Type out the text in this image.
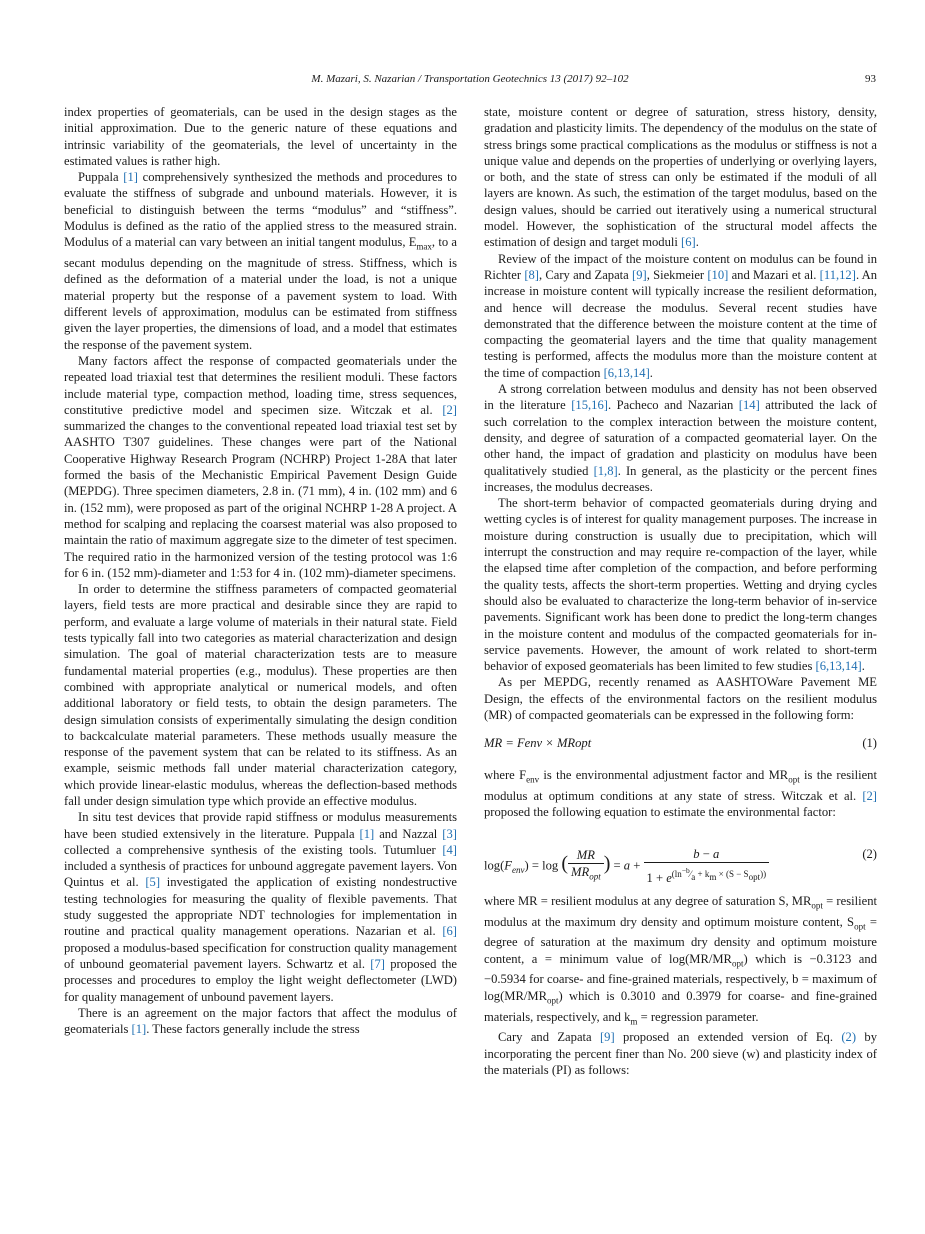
M. Mazari, S. Nazarian / Transportation Geotechnics 13 (2017) 92–102	93

index properties of geomaterials, can be used in the design stages as the initial approximation. Due to the generic nature of these equations and intrinsic variability of the geomaterials, the level of uncertainty in the estimated values is rather high.

Puppala [1] comprehensively synthesized the methods and procedures to evaluate the stiffness of subgrade and unbound materials. However, it is beneficial to distinguish between the terms “modulus” and “stiffness”. Modulus is defined as the ratio of the applied stress to the measured strain. Modulus of a material can vary between an initial tangent modulus, $E_{max}$, to a secant modulus depending on the magnitude of stress. Stiffness, which is defined as the deformation of a material under the load, is not a unique material property but the response of a pavement system to load. With different levels of approximation, modulus can be estimated from stiffness given the layer properties, the dimensions of load, and a model that estimates the response of the pavement system.

Many factors affect the response of compacted geomaterials under the repeated load triaxial test that determines the resilient moduli. These factors include material type, compaction method, loading time, stress sequences, constitutive predictive model and specimen size. Witczak et al. [2] summarized the changes to the conventional repeated load triaxial test set by AASHTO T307 guidelines. These changes were part of the National Cooperative Highway Research Program (NCHRP) Project 1-28A that later formed the basis of the Mechanistic Empirical Pavement Design Guide (MEPDG). Three specimen diameters, 2.8 in. (71 mm), 4 in. (102 mm) and 6 in. (152 mm), were proposed as part of the original NCHRP 1-28 A project. A method for scalping and replacing the coarsest material was also proposed to maintain the ratio of maximum aggregate size to the dimeter of test specimen. The required ratio in the harmonized version of the testing protocol was 1:6 for 6 in. (152 mm)-diameter and 1:53 for 4 in. (102 mm)-diameter specimens.

In order to determine the stiffness parameters of compacted geomaterial layers, field tests are more practical and desirable since they are rapid to perform, and evaluate a large volume of materials in their natural state. Field tests typically fall into two categories as material characterization and design simulation. The goal of material characterization tests are to measure fundamental material properties (e.g., modulus). These properties are then combined with appropriate analytical or numerical models, and often additional laboratory or field tests, to obtain the design parameters. The design simulation consists of experimentally simulating the design condition to backcalculate material parameters. These methods usually measure the response of the pavement system that can be related to its stiffness. As an example, seismic methods fall under material characterization category, which provide linear-elastic modulus, whereas the deflection-based methods fall under design simulation type which provide an effective modulus.

In situ test devices that provide rapid stiffness or modulus measurements have been studied extensively in the literature. Puppala [1] and Nazzal [3] collected a comprehensive synthesis of the existing tools. Tutumluer [4] included a synthesis of practices for unbound aggregate pavement layers. Von Quintus et al. [5] investigated the application of existing nondestructive testing technologies for measuring the quality of flexible pavements. That study suggested the appropriate NDT technologies for implementation in routine and practical quality management operations. Nazarian et al. [6] proposed a modulus-based specification for construction quality management of unbound geomaterial pavement layers. Schwartz et al. [7] proposed the processes and procedures to employ the light weight deflectometer (LWD) for quality management of unbound pavement layers.

There is an agreement on the major factors that affect the modulus of geomaterials [1]. These factors generally include the stress

state, moisture content or degree of saturation, stress history, density, gradation and plasticity limits. The dependency of the modulus on the state of stress brings some practical complications as the modulus or stiffness is not a unique value and depends on the properties of underlying or overlying layers, or both, and the state of stress can only be estimated if the moduli of all layers are known. As such, the estimation of the target modulus, based on the design values, should be carried out iteratively using a numerical structural model. However, the sophistication of the structural model affects the estimation of design and target moduli [6].

Review of the impact of the moisture content on modulus can be found in Richter [8], Cary and Zapata [9], Siekmeier [10] and Mazari et al. [11,12]. An increase in moisture content will typically increase the resilient deformation, and hence will decrease the modulus. Several recent studies have demonstrated that the difference between the moisture content at the time of compacting the geomaterial layers and the time that quality management testing is performed, affects the modulus more than the moisture content at the time of compaction [6,13,14].

A strong correlation between modulus and density has not been observed in the literature [15,16]. Pacheco and Nazarian [14] attributed the lack of such correlation to the complex interaction between the moisture content, density, and degree of saturation of a compacted geomaterial layer. On the other hand, the impact of gradation and plasticity on modulus have been qualitatively studied [1,8]. In general, as the plasticity or the percent fines increases, the modulus decreases.

The short-term behavior of compacted geomaterials during drying and wetting cycles is of interest for quality management purposes. The increase in moisture during construction is usually due to precipitation, which will interrupt the construction and may require re-compaction of the layer, while the elapsed time after completion of the compaction, and before performing the quality tests, affects the short-term properties. Wetting and drying cycles should also be evaluated to characterize the long-term behavior of in-service pavements. Significant work has been done to predict the long-term changes in the moisture content and modulus of the compacted geomaterials for in-service pavements. However, the amount of work related to short-term behavior of exposed geomaterials has been limited to few studies [6,13,14].

As per MEPDG, recently renamed as AASHTOWare Pavement ME Design, the effects of the environmental factors on the resilient modulus (MR) of compacted geomaterials can be expressed in the following form:

MR = Fenv × MRopt	(1)

where $F_{env}$ is the environmental adjustment factor and $MR_{opt}$ is the resilient modulus at optimum conditions at any state of stress. Witczak et al. [2] proposed the following equation to estimate the environmental factor:

$\log(F_{env}) = \log$ ( $\frac{MR}{MR_{opt}}$ ) = $a + \frac{b - a}{1 + e^{(ln^{-b}⁄_a + k_m \times (S - S_{opt}))}}$	(2)

where MR = resilient modulus at any degree of saturation S, $MR_{opt}$ = resilient modulus at the maximum dry density and optimum moisture content, $S_{opt}$ = degree of saturation at the maximum dry density and optimum moisture content, a = minimum value of $\log(MR/MR_{opt})$ which is −0.3123 and −0.5934 for coarse- and fine-grained materials, respectively, b = maximum of $\log(MR/MR_{opt})$ which is 0.3010 and 0.3979 for coarse- and fine-grained materials, respectively, and $k_m$ = regression parameter.

Cary and Zapata [9] proposed an extended version of Eq. (2) by incorporating the percent finer than No. 200 sieve (w) and plasticity index of the materials (PI) as follows:
